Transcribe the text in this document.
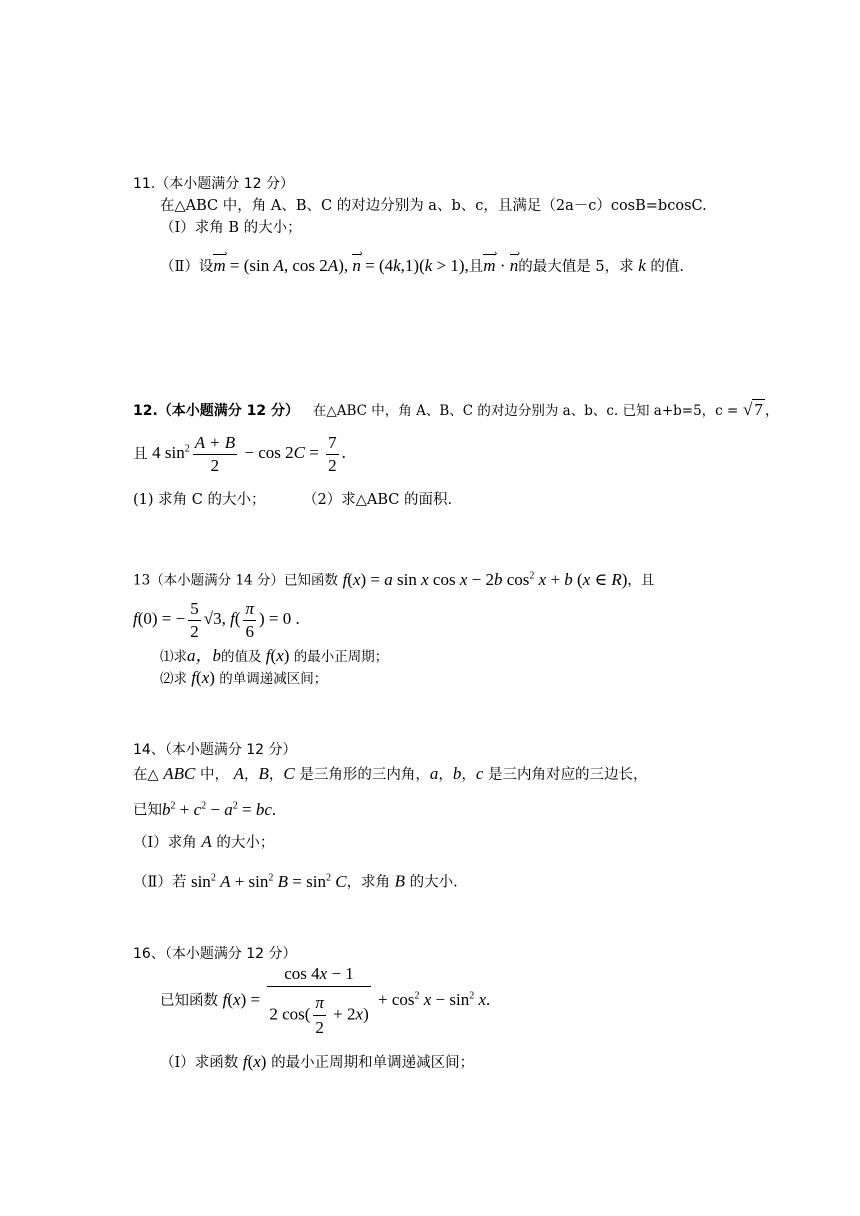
11.（本小题满分 12 分）
在△ABC 中，角 A、B、C 的对边分别为 a、b、c，且满足（2a－c）cosB=bcosC.
（Ⅰ）求角 B 的大小；
（Ⅱ）设› m = (sin A, cos 2A), › n = (4k,1)(k > 1),且› m · › n的最大值是 5，求 k 的值.
12.（本小题满分 12 分） 在△ABC 中，角 A、B、C 的对边分别为 a、b、c. 已知 a+b=5，c = √ 7 ，
且 4 $\sin^2 \frac{A + B}{2} - \cos 2C = \frac{7}{2}$ .
(1) 求角 C 的大小；	（2）求△ABC 的面积.
13（本小题满分 14 分）已知函数 f(x) = a sin x cos x − 2b $\cos^2 x + b$ (x ∈ R)，且
f(0) = − $\frac{5}{2} √3$, $f( \frac{\pi}{6}$ ) = 0 .
⑴求a，b的值及 f(x) 的最小正周期；
⑵求 f(x) 的单调递减区间；
14、（本小题满分 12 分）
在△ ABC 中， A，B，C 是三角形的三内角，a，b，c 是三内角对应的三边长，
已知$b^2 + c^2 - a^2$ = bc.
（Ⅰ）求角 A 的大小；
（Ⅱ）若 $\sin^2 A + \sin^2 B = \sin^2 C$，求角 B 的大小.
16、（本小题满分 12 分）
已知函数 $f(x) = \frac{\cos 4x - 1}{2 \cos( \frac{\pi}{2} + 2x)} + \cos^2 x - \sin^2 x$.
（Ⅰ）求函数 f(x) 的最小正周期和单调递减区间；
